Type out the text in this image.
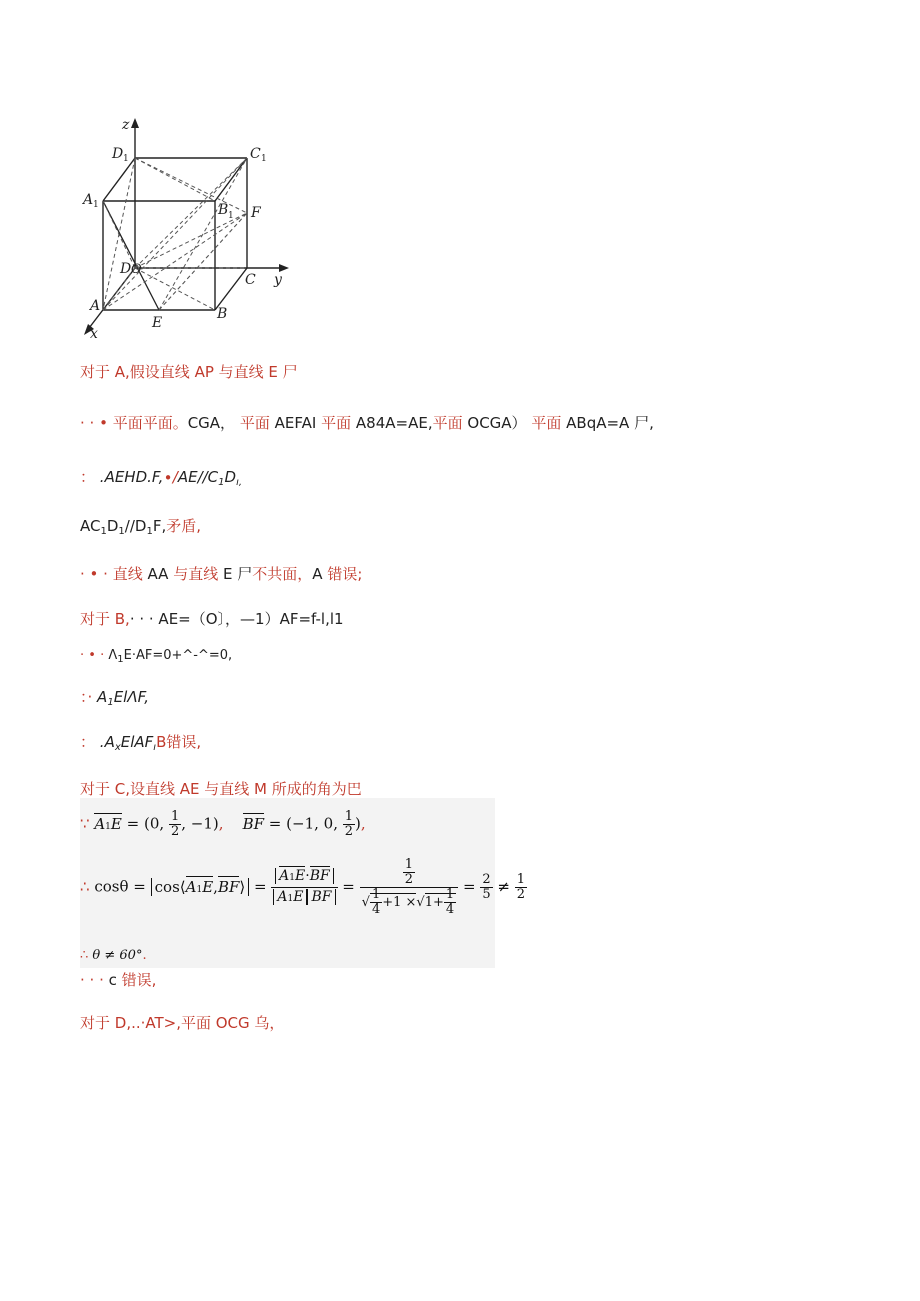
z
y
x
D 1	C 1
A 1	B 1 F
D O
C
A
E
B
对于 A,假设直线 AP 与直线 E 尸
· · • 平面平面。CGA， 平面 AEFAI 平面 A84A=AE,平面 OCGA） 平面 ABqA=A 尸,
： $.AEHD.F,\cdot/AE//C_1D_{ı,}$
$AC_1D_1//D_1F$,矛盾,
· • · 直线 AA 与直线 E 尸不共面，A 错误;
对于 B,· · · AE=（O〕，—1）AF=f-l,l1
· • · $\Lambda_1E\cdot AF=0+\^{}-\^{}=0$,
：· $A_1El\Lambda F$,
： $.A_xElAF_ıB$错误,
对于 C,设直线 AE 与直线 M 所成的角为巴
∵ A1E = (0, $\frac{1}{2}$ , −1), BF = (−1, 0, $\frac{1}{2}$ ),
∴ cosθ = cos⟨A1E,BF⟩ = $\frac{A1E\cdot BF}{\text{A1E BF}} = \frac{\frac{1}{2}}{√ \frac{1}{4} +1 \times√1+ \frac{1}{4}} = \frac{2}{5} \ne \frac{1}{2}$
∴ θ ≠ 60°.
· · · c 错误,
对于 D,..·AT>,平面 OCG 乌，
